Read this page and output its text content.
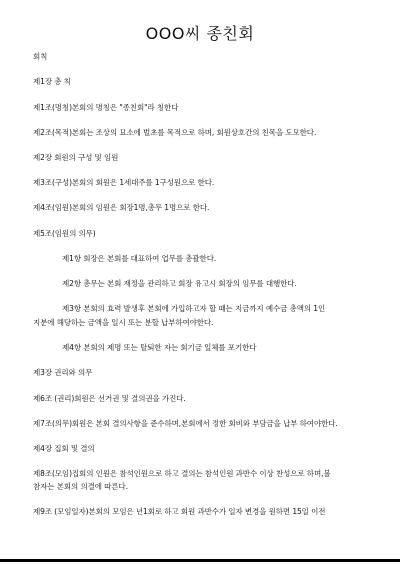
OOO씨 종친회
회칙
제1장 총 칙
제1조(명칭)본회의 명칭은 "종친회"라 칭한다
제2조(목적)본회는 조상의 묘소에 벌초를 목적으로 하며, 회원상호간의 친목을 도모한다.
제2장 회원의 구성 및 임원
제3조(구성)본회의 회원은 1세대주를 1구성원으로 한다.
제4조(임원)본회의 임원은 회장1명,총무 1명으로 한다.
제5조(임원의 의무)
제1항 회장은 본회를 대표하여 업무를 총괄한다.
제2항 총무는 본회 재정을 관리하고 회장 유고시 회장의 임무를 대행한다.
제3항 본회의 효력 발생후 본회에 가입하고자 할 때는 지금까지 예수금 총액의 1인
지분에 해당하는 금액을 일시 또는 분할 납부하여야한다.
제4항 본회의 제명 또는 탈퇴한 자는 회기금 일체를 포기한다
제3장 권리와 의무
제6조 (권리)회원은 선거권 및 결의권을 가진다.
제7조(의무)회원은 본회 결의사항을 준수하며,본회에서 정한 회비와 부담금을 납부 하여야한다.
제4장 집회 및 결의
제8조(모임)집회의 인원은 참석인원으로 하고 결의는 참석인원 과반수 이상 찬성으로 하며,불
참자는 본회의 의결에 따른다.
제9조 (모임일자)본회의 모임은 년1회로 하고 회원 과반수가 일자 변경을 원하면 15일 이전
